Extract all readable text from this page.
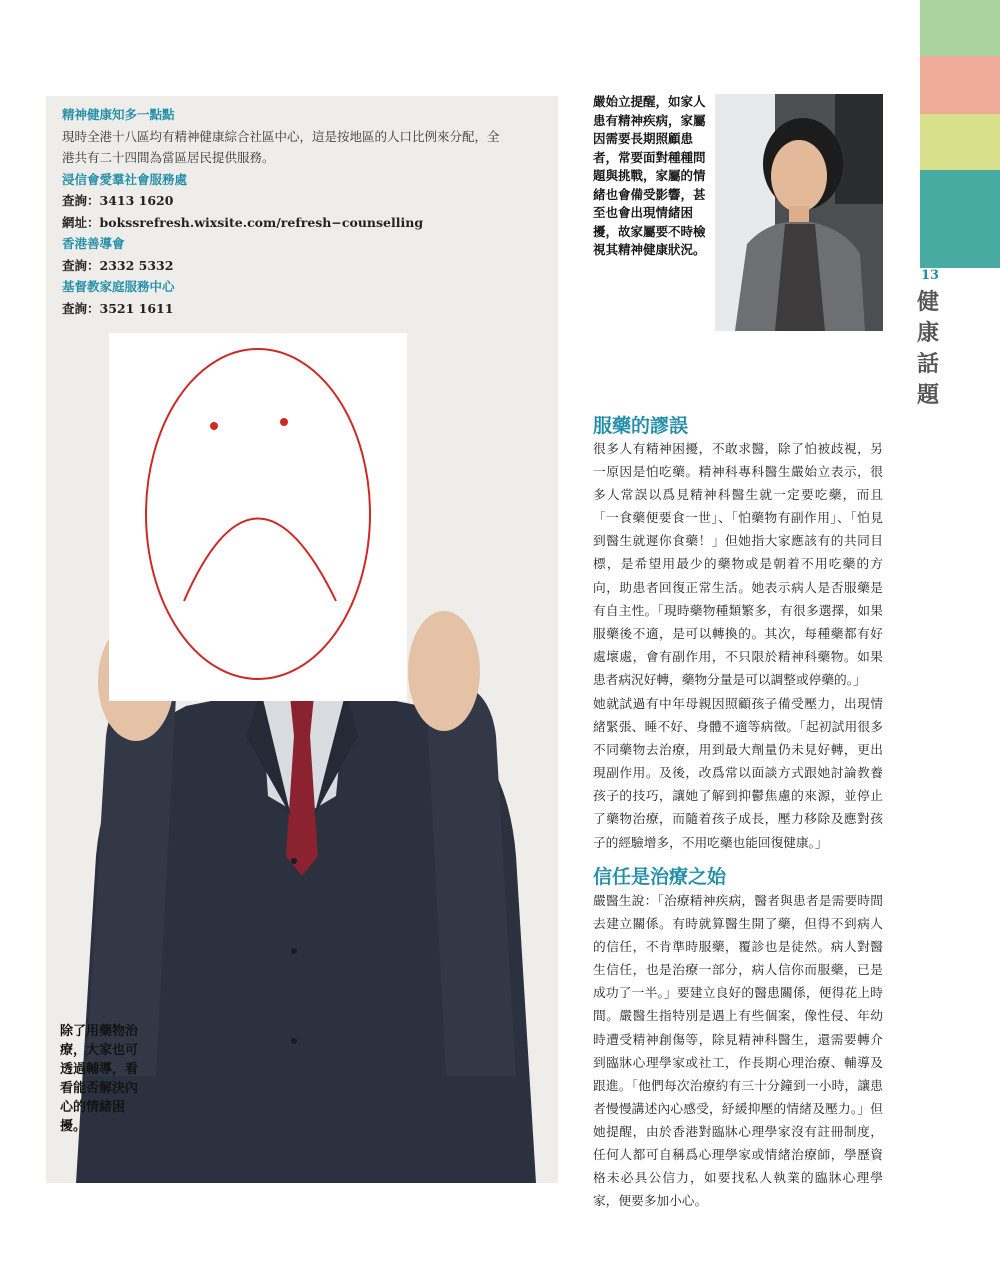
精神健康知多一點點
現時全港十八區均有精神健康綜合社區中心，這是按地區的人口比例來分配，全港共有二十四間為當區居民提供服務。
浸信會愛羣社會服務處
查詢：3413 1620
網址：bokssrefresh.wixsite.com/refresh−counselling
香港善導會
查詢：2332 5332
基督教家庭服務中心
查詢：3521 1611
除了用藥物治療，大家也可透過輔導，看看能否解決內心的情緒困擾。
嚴始立提醒，如家人患有精神疾病，家屬因需要長期照顧患者，常要面對種種問題與挑戰，家屬的情緒也會備受影響，甚至也會出現情緒困擾，故家屬要不時檢視其精神健康狀況。
13
健康話題
服藥的謬誤
很多人有精神困擾，不敢求醫，除了怕被歧視，另一原因是怕吃藥。精神科專科醫生嚴始立表示，很多人常誤以爲見精神科醫生就一定要吃藥，而且「一食藥便要食一世」、「怕藥物有副作用」、「怕見到醫生就遲你食藥！」但她指大家應該有的共同目標，是希望用最少的藥物或是朝着不用吃藥的方向，助患者回復正常生活。她表示病人是否服藥是有自主性。「現時藥物種類繁多，有很多選擇，如果服藥後不適，是可以轉換的。其次，每種藥都有好處壞處，會有副作用，不只限於精神科藥物。如果患者病況好轉，藥物分量是可以調整或停藥的。」
她就試過有中年母親因照顧孩子備受壓力，出現情緒緊張、睡不好、身體不適等病徵。「起初試用很多不同藥物去治療，用到最大劑量仍未見好轉，更出現副作用。及後，改爲常以面談方式跟她討論教養孩子的技巧，讓她了解到抑鬱焦慮的來源，並停止了藥物治療，而隨着孩子成長，壓力移除及應對孩子的經驗增多，不用吃藥也能回復健康。」
信任是治療之始
嚴醫生說：「治療精神疾病，醫者與患者是需要時間去建立關係。有時就算醫生開了藥，但得不到病人的信任，不肯準時服藥，覆診也是徒然。病人對醫生信任，也是治療一部分，病人信你而服藥，已是成功了一半。」要建立良好的醫患關係，便得花上時間。嚴醫生指特別是遇上有些個案，像性侵、年幼時遭受精神創傷等，除見精神科醫生，還需要轉介到臨牀心理學家或社工，作長期心理治療、輔導及跟進。「他們每次治療約有三十分鐘到一小時，讓患者慢慢講述內心感受，紓緩抑壓的情緒及壓力。」但她提醒，由於香港對臨牀心理學家沒有註冊制度，任何人都可自稱爲心理學家或情緒治療師，學歷資格未必具公信力，如要找私人執業的臨牀心理學家，便要多加小心。
